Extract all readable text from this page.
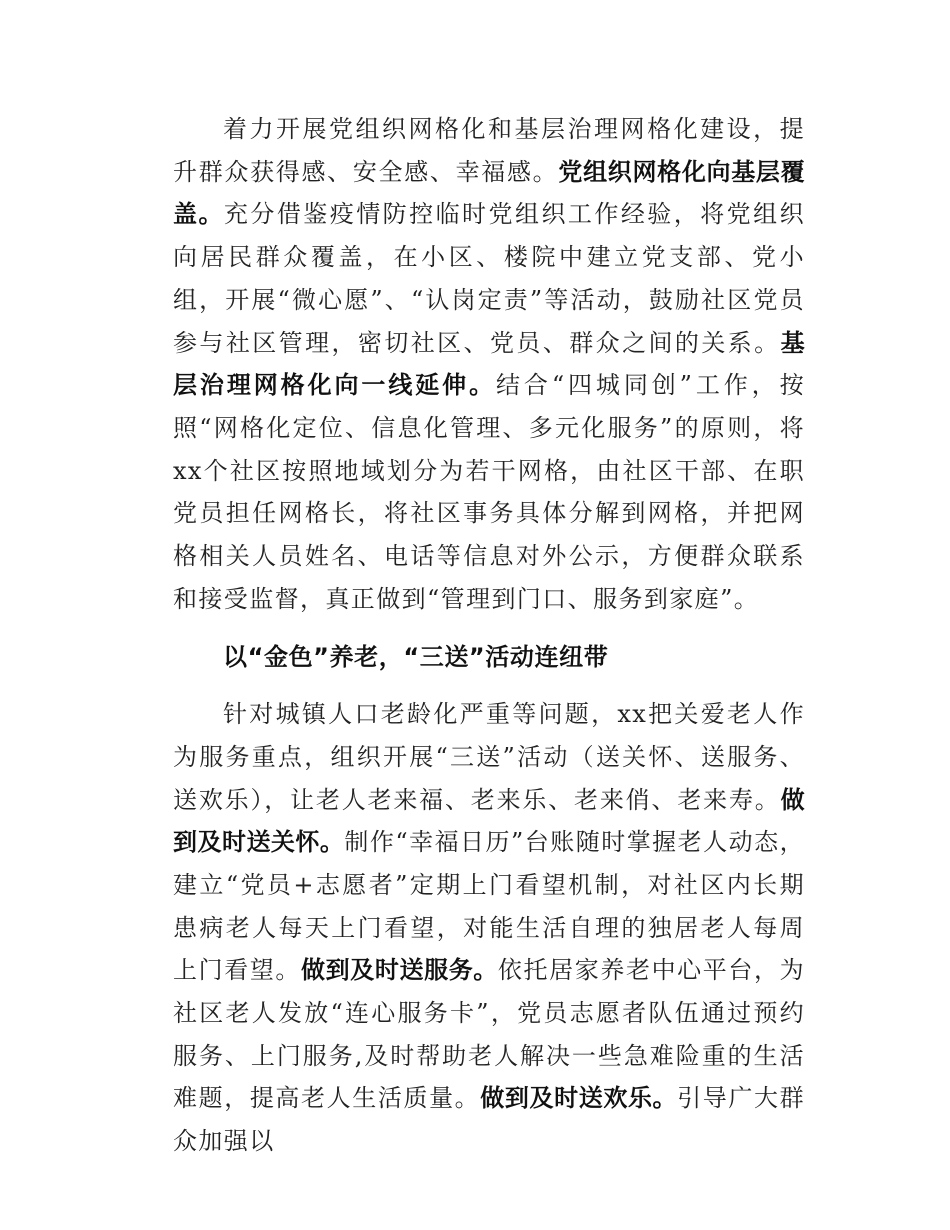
着力开展党组织网格化和基层治理网格化建设，提升群众获得感、安全感、幸福感。党组织网格化向基层覆盖。充分借鉴疫情防控临时党组织工作经验，将党组织向居民群众覆盖，在小区、楼院中建立党支部、党小组，开展“微心愿”、“认岗定责”等活动，鼓励社区党员参与社区管理，密切社区、党员、群众之间的关系。基层治理网格化向一线延伸。结合“四城同创”工作，按照“网格化定位、信息化管理、多元化服务”的原则，将xx个社区按照地域划分为若干网格，由社区干部、在职党员担任网格长，将社区事务具体分解到网格，并把网格相关人员姓名、电话等信息对外公示，方便群众联系和接受监督，真正做到“管理到门口、服务到家庭”。

以“金色”养老，“三送”活动连纽带

针对城镇人口老龄化严重等问题，xx把关爱老人作为服务重点，组织开展“三送”活动（送关怀、送服务、送欢乐），让老人老来福、老来乐、老来俏、老来寿。做到及时送关怀。制作“幸福日历”台账随时掌握老人动态，建立“党员+志愿者”定期上门看望机制，对社区内长期患病老人每天上门看望，对能生活自理的独居老人每周上门看望。做到及时送服务。依托居家养老中心平台，为社区老人发放“连心服务卡”，党员志愿者队伍通过预约服务、上门服务,及时帮助老人解决一些急难险重的生活难题，提高老人生活质量。做到及时送欢乐。引导广大群众加强以
